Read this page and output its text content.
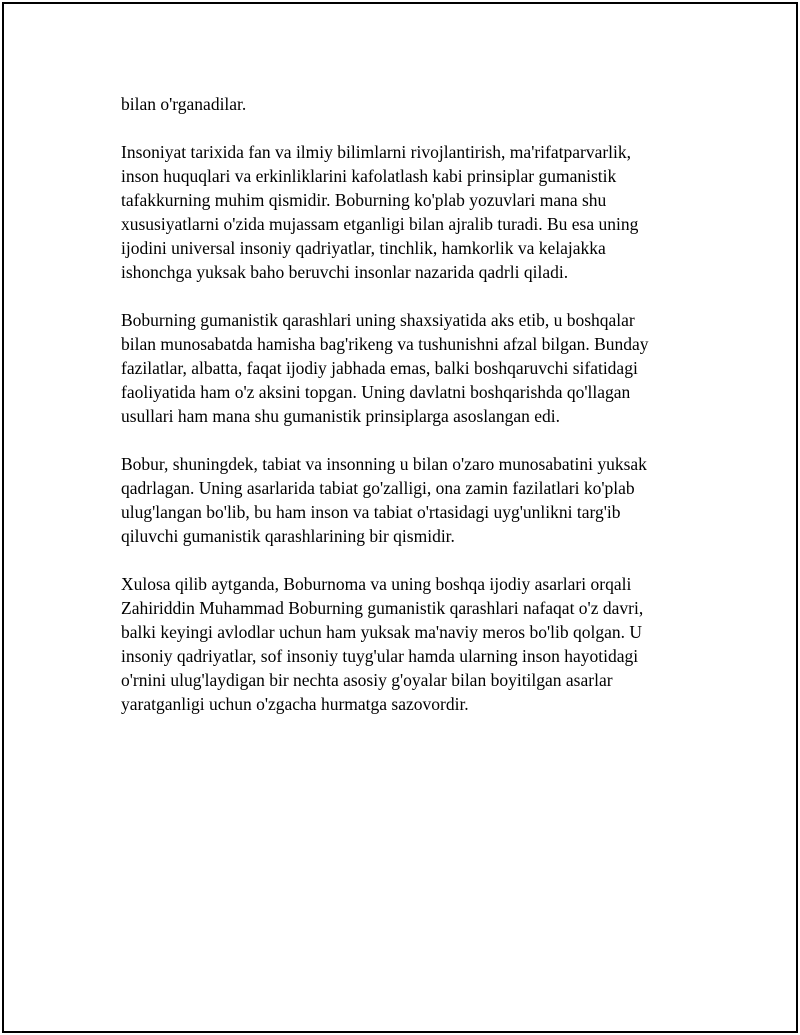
bilan o'rganadilar.

Insoniyat tarixida fan va ilmiy bilimlarni rivojlantirish, ma'rifatparvarlik,
inson huquqlari va erkinliklarini kafolatlash kabi prinsiplar gumanistik
tafakkurning muhim qismidir. Boburning ko'plab yozuvlari mana shu
xususiyatlarni o'zida mujassam etganligi bilan ajralib turadi. Bu esa uning
ijodini universal insoniy qadriyatlar, tinchlik, hamkorlik va kelajakka
ishonchga yuksak baho beruvchi insonlar nazarida qadrli qiladi.

Boburning gumanistik qarashlari uning shaxsiyatida aks etib, u boshqalar
bilan munosabatda hamisha bag'rikeng va tushunishni afzal bilgan. Bunday
fazilatlar, albatta, faqat ijodiy jabhada emas, balki boshqaruvchi sifatidagi
faoliyatida ham o'z aksini topgan. Uning davlatni boshqarishda qo'llagan
usullari ham mana shu gumanistik prinsiplarga asoslangan edi.

Bobur, shuningdek, tabiat va insonning u bilan o'zaro munosabatini yuksak
qadrlagan. Uning asarlarida tabiat go'zalligi, ona zamin fazilatlari ko'plab
ulug'langan bo'lib, bu ham inson va tabiat o'rtasidagi uyg'unlikni targ'ib
qiluvchi gumanistik qarashlarining bir qismidir.

Xulosa qilib aytganda, Boburnoma va uning boshqa ijodiy asarlari orqali
Zahiriddin Muhammad Boburning gumanistik qarashlari nafaqat o'z davri,
balki keyingi avlodlar uchun ham yuksak ma'naviy meros bo'lib qolgan. U
insoniy qadriyatlar, sof insoniy tuyg'ular hamda ularning inson hayotidagi
o'rnini ulug'laydigan bir nechta asosiy g'oyalar bilan boyitilgan asarlar
yaratganligi uchun o'zgacha hurmatga sazovordir.
